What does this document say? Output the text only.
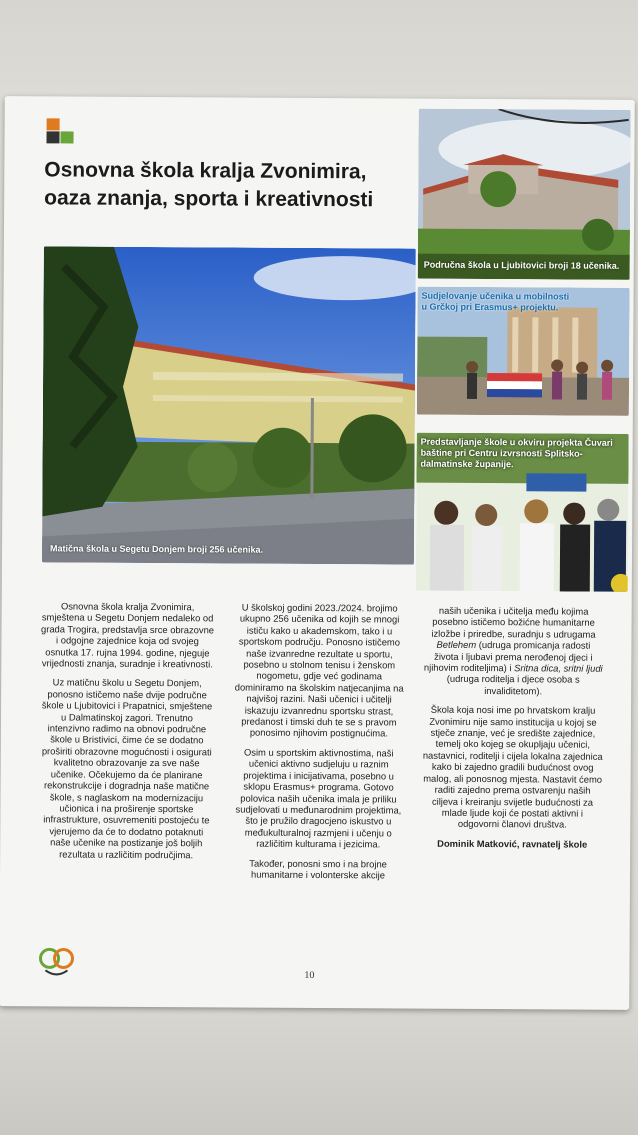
Osnovna škola kralja Zvonimira,
oaza znanja, sporta i kreativnosti
Matična škola u Segetu Donjem broji 256 učenika.
Područna škola u Ljubitovici broji 18 učenika.
Sudjelovanje učenika u mobilnosti u Grčkoj pri Erasmus+ projektu.
Predstavljanje škole u okviru projekta Čuvari baštine pri Centru izvrsnosti Splitsko-dalmatinske županije.

Osnovna škola kralja Zvonimira, smještena u Segetu Donjem nedaleko od grada Trogira, predstavlja srce obrazovne i odgojne zajednice koja od svojeg osnutka 17. rujna 1994. godine, njeguje vrijednosti znanja, suradnje i kreativnosti.

Uz matičnu školu u Segetu Donjem, ponosno ističemo naše dvije područne škole u Ljubitovici i Prapatnici, smještene u Dalmatinskoj zagori. Trenutno intenzivno radimo na obnovi područne škole u Bristivici, čime će se dodatno proširiti obrazovne mogućnosti i osigurati kvalitetno obrazovanje za sve naše učenike. Očekujemo da će planirane rekonstrukcije i dogradnja naše matične škole, s naglaskom na modernizaciju učionica i na proširenje sportske infrastrukture, osuvremeniti postojeću te vjerujemo da će to dodatno potaknuti naše učenike na postizanje još boljih rezultata u različitim područjima.

U školskoj godini 2023./2024. brojimo ukupno 256 učenika od kojih se mnogi ističu kako u akademskom, tako i u sportskom području. Ponosno ističemo naše izvanredne rezultate u sportu, posebno u stolnom tenisu i ženskom nogometu, gdje već godinama dominiramo na školskim natjecanjima na najvišoj razini. Naši učenici i učitelji iskazuju izvanrednu sportsku strast, predanost i timski duh te se s pravom ponosimo njihovim postignućima.

Osim u sportskim aktivnostima, naši učenici aktivno sudjeluju u raznim projektima i inicijativama, posebno u sklopu Erasmus+ programa. Gotovo polovica naših učenika imala je priliku sudjelovati u međunarodnim projektima, što je pružilo dragocjeno iskustvo u međukulturalnoj razmjeni i učenju o različitim kulturama i jezicima.

Također, ponosni smo i na brojne humanitarne i volonterske akcije

naših učenika i učitelja među kojima posebno ističemo božićne humanitarne izložbe i priredbe, suradnju s udrugama Betlehem (udruga promicanja radosti života i ljubavi prema nerođenoj djeci i njihovim roditeljima) i Sritna dica, sritni ljudi (udruga roditelja i djece osoba s invaliditetom).

Škola koja nosi ime po hrvatskom kralju Zvonimiru nije samo institucija u kojoj se stječe znanje, već je središte zajednice, temelj oko kojeg se okupljaju učenici, nastavnici, roditelji i cijela lokalna zajednica kako bi zajedno gradili budućnost ovog malog, ali ponosnog mjesta. Nastavit ćemo raditi zajedno prema ostvarenju naših ciljeva i kreiranju svijetle budućnosti za mlade ljude koji će postati aktivni i odgovorni članovi društva.

Dominik Matković, ravnatelj škole

10
